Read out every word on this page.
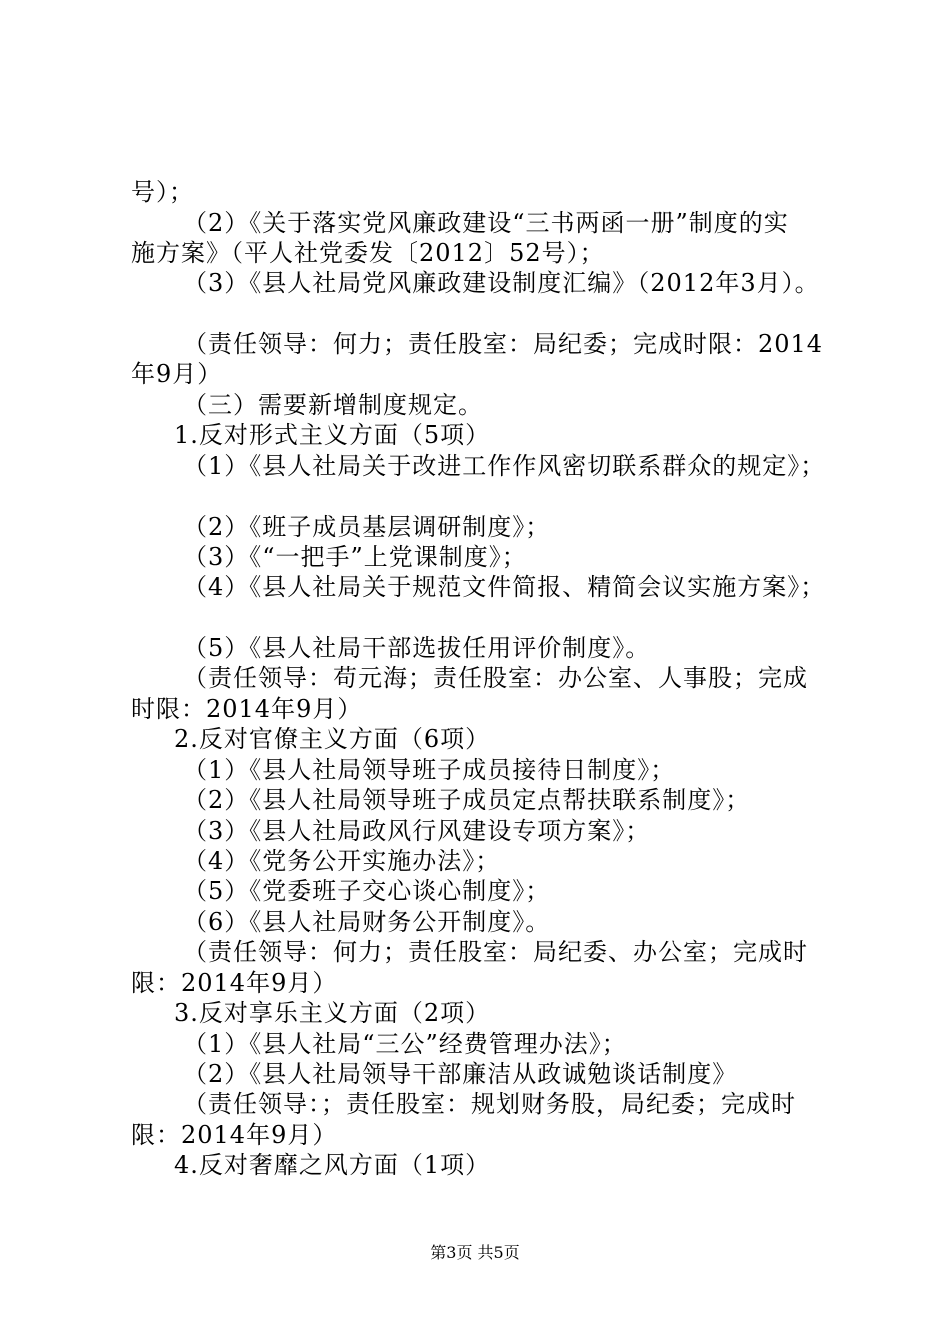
号）；
（2）《关于落实党风廉政建设“三书两函一册”制度的实
施方案》（平人社党委发〔2012〕52号）；
（3）《县人社局党风廉政建设制度汇编》（2012年3月）。
（责任领导：何力；责任股室：局纪委；完成时限：2014
年9月）
（三）需要新增制度规定。
1.反对形式主义方面（5项）
（1）《县人社局关于改进工作作风密切联系群众的规定》；
（2）《班子成员基层调研制度》；
（3）《“一把手”上党课制度》；
（4）《县人社局关于规范文件简报、精简会议实施方案》；
（5）《县人社局干部选拔任用评价制度》。
（责任领导：苟元海；责任股室：办公室、人事股；完成
时限：2014年9月）
2.反对官僚主义方面（6项）
（1）《县人社局领导班子成员接待日制度》；
（2）《县人社局领导班子成员定点帮扶联系制度》；
（3）《县人社局政风行风建设专项方案》；
（4）《党务公开实施办法》；
（5）《党委班子交心谈心制度》；
（6）《县人社局财务公开制度》。
（责任领导：何力；责任股室：局纪委、办公室；完成时
限：2014年9月）
3.反对享乐主义方面（2项）
（1）《县人社局“三公”经费管理办法》；
（2）《县人社局领导干部廉洁从政诚勉谈话制度》
（责任领导：；责任股室：规划财务股，局纪委；完成时
限：2014年9月）
4.反对奢靡之风方面（1项）
第3页 共5页
